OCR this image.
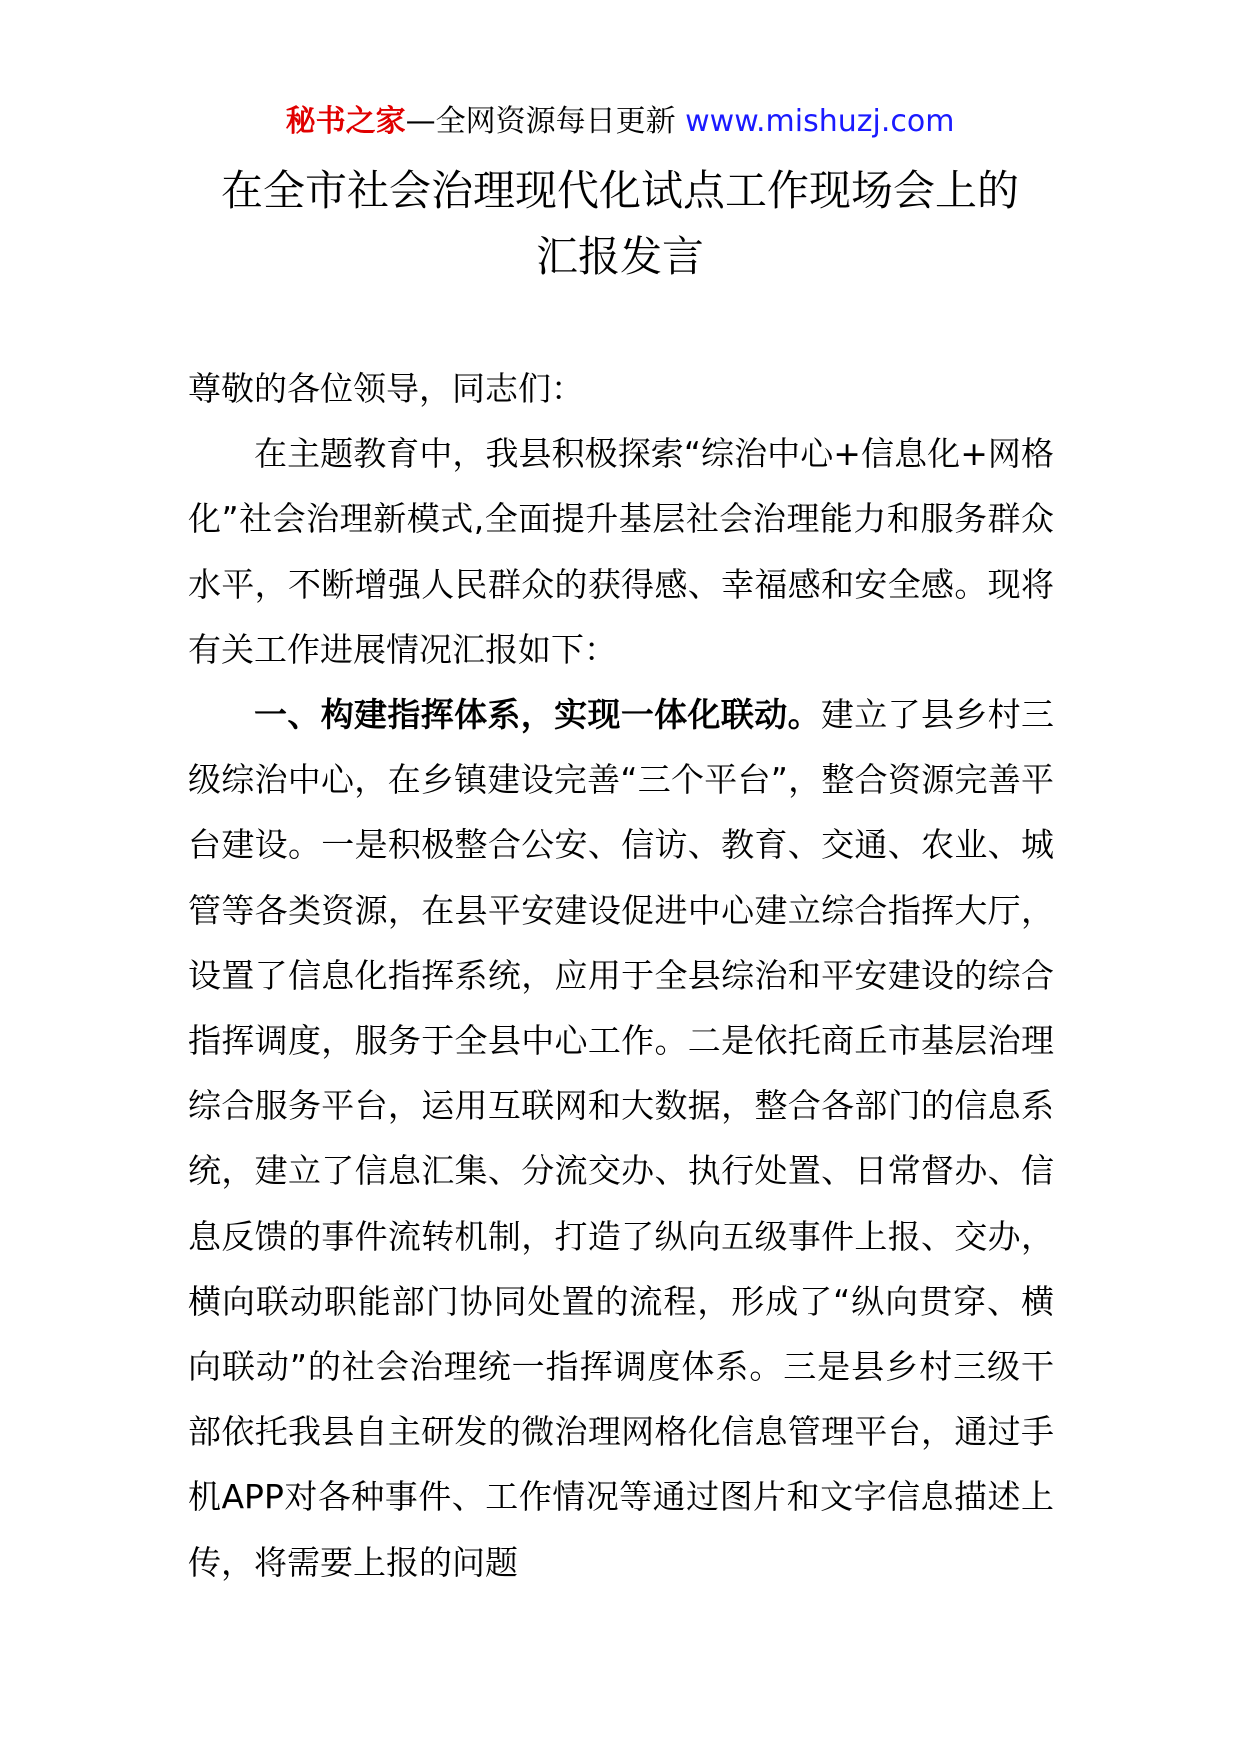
秘书之家—全网资源每日更新 www.mishuzj.com
在全市社会治理现代化试点工作现场会上的
汇报发言

尊敬的各位领导，同志们：

在主题教育中，我县积极探索“综治中心+信息化+网格化”社会治理新模式,全面提升基层社会治理能力和服务群众水平，不断增强人民群众的获得感、幸福感和安全感。现将有关工作进展情况汇报如下：

一、构建指挥体系，实现一体化联动。建立了县乡村三级综治中心，在乡镇建设完善“三个平台”，整合资源完善平台建设。一是积极整合公安、信访、教育、交通、农业、城管等各类资源，在县平安建设促进中心建立综合指挥大厅，设置了信息化指挥系统，应用于全县综治和平安建设的综合指挥调度，服务于全县中心工作。二是依托商丘市基层治理综合服务平台，运用互联网和大数据，整合各部门的信息系统，建立了信息汇集、分流交办、执行处置、日常督办、信息反馈的事件流转机制，打造了纵向五级事件上报、交办，横向联动职能部门协同处置的流程，形成了“纵向贯穿、横向联动”的社会治理统一指挥调度体系。三是县乡村三级干部依托我县自主研发的微治理网格化信息管理平台，通过手机APP对各种事件、工作情况等通过图片和文字信息描述上传，将需要上报的问题
